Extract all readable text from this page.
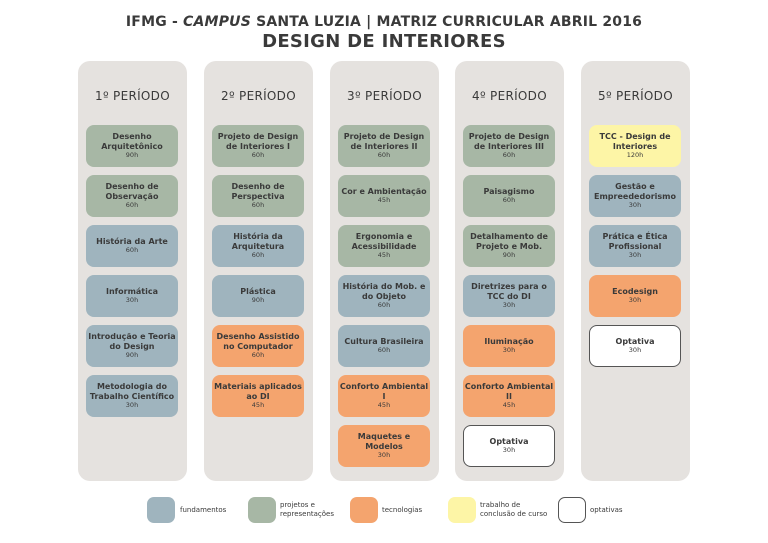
IFMG - CAMPUS SANTA LUZIA | MATRIZ CURRICULAR ABRIL 2016
DESIGN DE INTERIORES
1º PERÍODO
Desenho Arquitetônico
90h
Desenho de Observação
60h
História da Arte
60h
Informática
30h
Introdução e Teoria do Design
90h
Metodologia do Trabalho Científico
30h
2º PERÍODO
Projeto de Design de Interiores I
60h
Desenho de Perspectiva
60h
História da Arquitetura
60h
Plástica
90h
Desenho Assistido no Computador
60h
Materiais aplicados ao DI
45h
3º PERÍODO
Projeto de Design de Interiores II
60h
Cor e Ambientação
45h
Ergonomia e Acessibilidade
45h
História do Mob. e do Objeto
60h
Cultura Brasileira
60h
Conforto Ambiental I
45h
Maquetes e Modelos
30h
4º PERÍODO
Projeto de Design de Interiores III
60h
Paisagismo
60h
Detalhamento de Projeto e Mob.
90h
Diretrizes para o TCC do DI
30h
Iluminação
30h
Conforto Ambiental II
45h
Optativa
30h
5º PERÍODO
TCC - Design de Interiores
120h
Gestão e Empreededorismo
30h
Prática e Ética Profissional
30h
Ecodesign
30h
Optativa
30h
fundamentos
projetos e representações	tecnologias
trabalho de conclusão de curso	optativas
